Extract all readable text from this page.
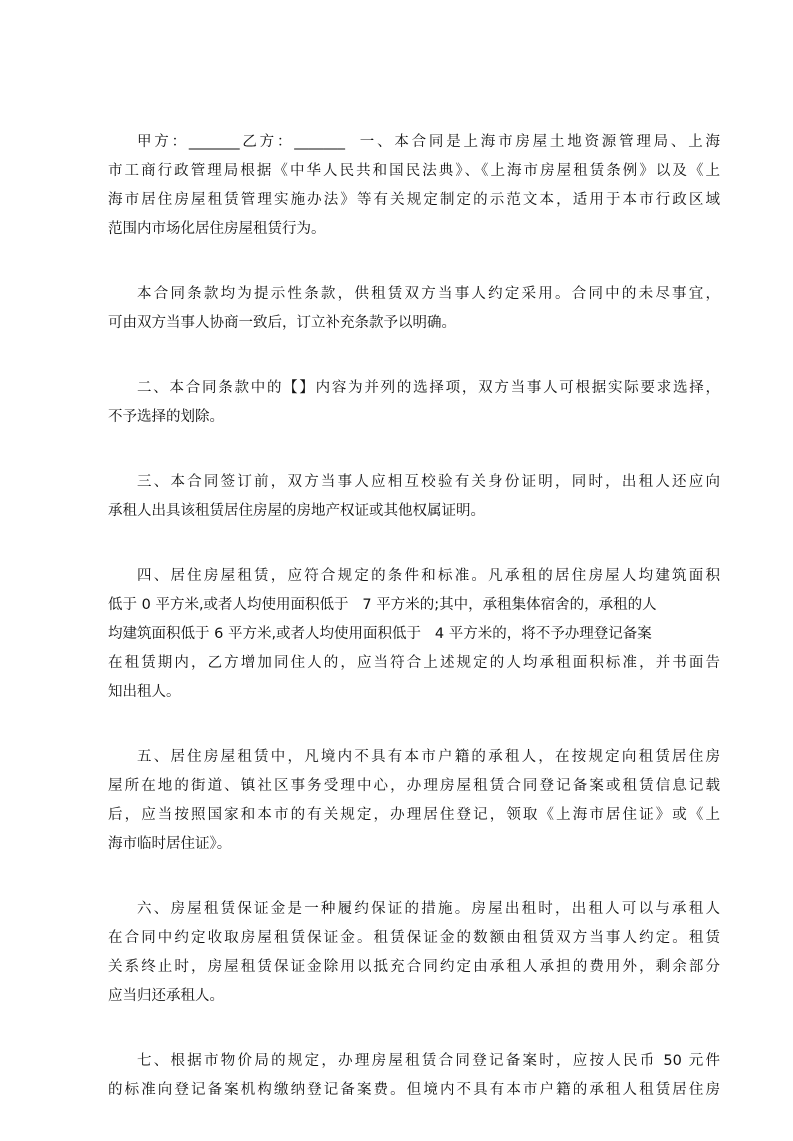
甲方：_______乙方：_______  一、本合同是上海市房屋土地资源管理局、上海
市工商行政管理局根据《中华人民共和国民法典》、《上海市房屋租赁条例》以及《上
海市居住房屋租赁管理实施办法》等有关规定制定的示范文本，适用于本市行政区域
范围内市场化居住房屋租赁行为。
本合同条款均为提示性条款，供租赁双方当事人约定采用。合同中的未尽事宜，
可由双方当事人协商一致后，订立补充条款予以明确。
二、本合同条款中的【】内容为并列的选择项，双方当事人可根据实际要求选择，
不予选择的划除。
三、本合同签订前，双方当事人应相互校验有关身份证明，同时，出租人还应向
承租人出具该租赁居住房屋的房地产权证或其他权属证明。
四、居住房屋租赁，应符合规定的条件和标准。凡承租的居住房屋人均建筑面积
低于 0 平方米,或者人均使用面积低于   7 平方米的;其中，承租集体宿舍的，承租的人
均建筑面积低于 6 平方米,或者人均使用面积低于   4 平方米的，将不予办理登记备案
在租赁期内，乙方增加同住人的，应当符合上述规定的人均承租面积标准，并书面告
知出租人。
五、居住房屋租赁中，凡境内不具有本市户籍的承租人，在按规定向租赁居住房
屋所在地的街道、镇社区事务受理中心，办理房屋租赁合同登记备案或租赁信息记载
后，应当按照国家和本市的有关规定，办理居住登记，领取《上海市居住证》或《上
海市临时居住证》。
六、房屋租赁保证金是一种履约保证的措施。房屋出租时，出租人可以与承租人
在合同中约定收取房屋租赁保证金。租赁保证金的数额由租赁双方当事人约定。租赁
关系终止时，房屋租赁保证金除用以抵充合同约定由承租人承担的费用外，剩余部分
应当归还承租人。
七、根据市物价局的规定，办理房屋租赁合同登记备案时，应按人民币 50 元件
的标准向登记备案机构缴纳登记备案费。但境内不具有本市户籍的承租人租赁居住房
